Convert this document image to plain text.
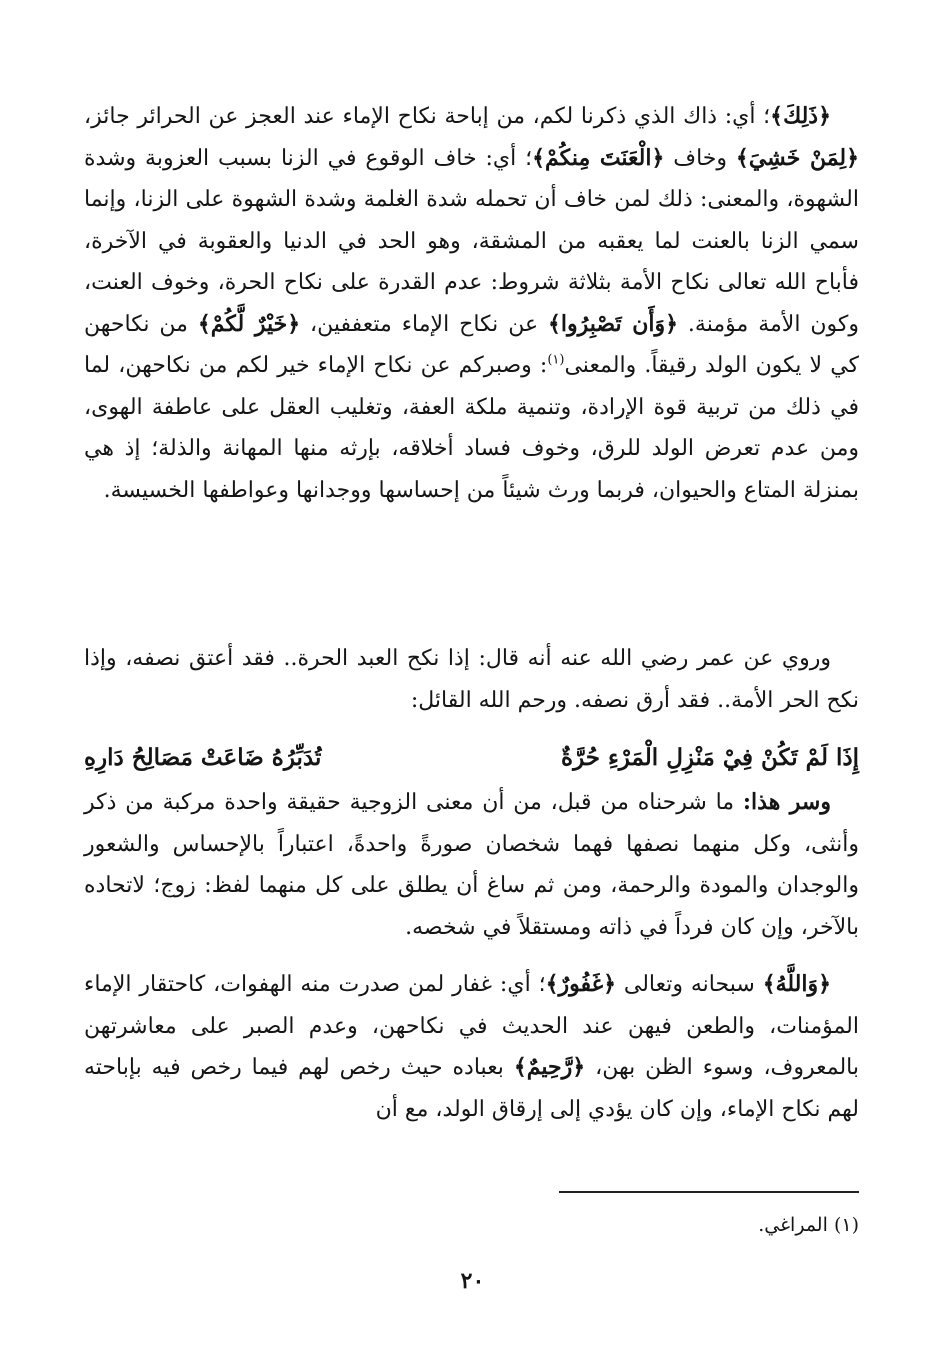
﴿ذَلِكَ﴾؛ أي: ذاك الذي ذكرنا لكم، من إباحة نكاح الإماء عند العجز عن الحرائر جائز، ﴿لِمَنْ خَشِيَ﴾ وخاف ﴿الْعَنَتَ مِنكُمْ﴾؛ أي: خاف الوقوع في الزنا بسبب العزوبة وشدة الشهوة، والمعنى: ذلك لمن خاف أن تحمله شدة الغلمة وشدة الشهوة على الزنا، وإنما سمي الزنا بالعنت لما يعقبه من المشقة، وهو الحد في الدنيا والعقوبة في الآخرة، فأباح الله تعالى نكاح الأمة بثلاثة شروط: عدم القدرة على نكاح الحرة، وخوف العنت، وكون الأمة مؤمنة. ﴿وَأَن تَصْبِرُوا﴾ عن نكاح الإماء متعففين، ﴿خَيْرٌ لَّكُمْ﴾ من نكاحهن كي لا يكون الولد رقيقاً. والمعنى$^{(١)}$: وصبركم عن نكاح الإماء خير لكم من نكاحهن، لما في ذلك من تربية قوة الإرادة، وتنمية ملكة العفة، وتغليب العقل على عاطفة الهوى، ومن عدم تعرض الولد للرق، وخوف فساد أخلاقه، بإرثه منها المهانة والذلة؛ إذ هي بمنزلة المتاع والحيوان، فربما ورث شيئاً من إحساسها ووجدانها وعواطفها الخسيسة.

وروي عن عمر رضي الله عنه أنه قال: إذا نكح العبد الحرة.. فقد أعتق نصفه، وإذا نكح الحر الأمة.. فقد أرق نصفه. ورحم الله القائل:

إِذَا لَمْ تَكُنْ فِيْ مَنْزِلِ الْمَرْءِ حُرَّةٌ
تُدَبِّرُهُ ضَاعَتْ مَصَالِحُ دَارِهِ

وسر هذا: ما شرحناه من قبل، من أن معنى الزوجية حقيقة واحدة مركبة من ذكر وأنثى، وكل منهما نصفها فهما شخصان صورةً واحدةً، اعتباراً بالإحساس والشعور والوجدان والمودة والرحمة، ومن ثم ساغ أن يطلق على كل منهما لفظ: زوج؛ لاتحاده بالآخر، وإن كان فرداً في ذاته ومستقلاً في شخصه.

﴿وَاللَّهُ﴾ سبحانه وتعالى ﴿غَفُورٌ﴾؛ أي: غفار لمن صدرت منه الهفوات، كاحتقار الإماء المؤمنات، والطعن فيهن عند الحديث في نكاحهن، وعدم الصبر على معاشرتهن بالمعروف، وسوء الظن بهن، ﴿رَّحِيمٌ﴾ بعباده حيث رخص لهم فيما رخص فيه بإباحته لهم نكاح الإماء، وإن كان يؤدي إلى إرقاق الولد، مع أن

(١) المراغي.
٢٠
